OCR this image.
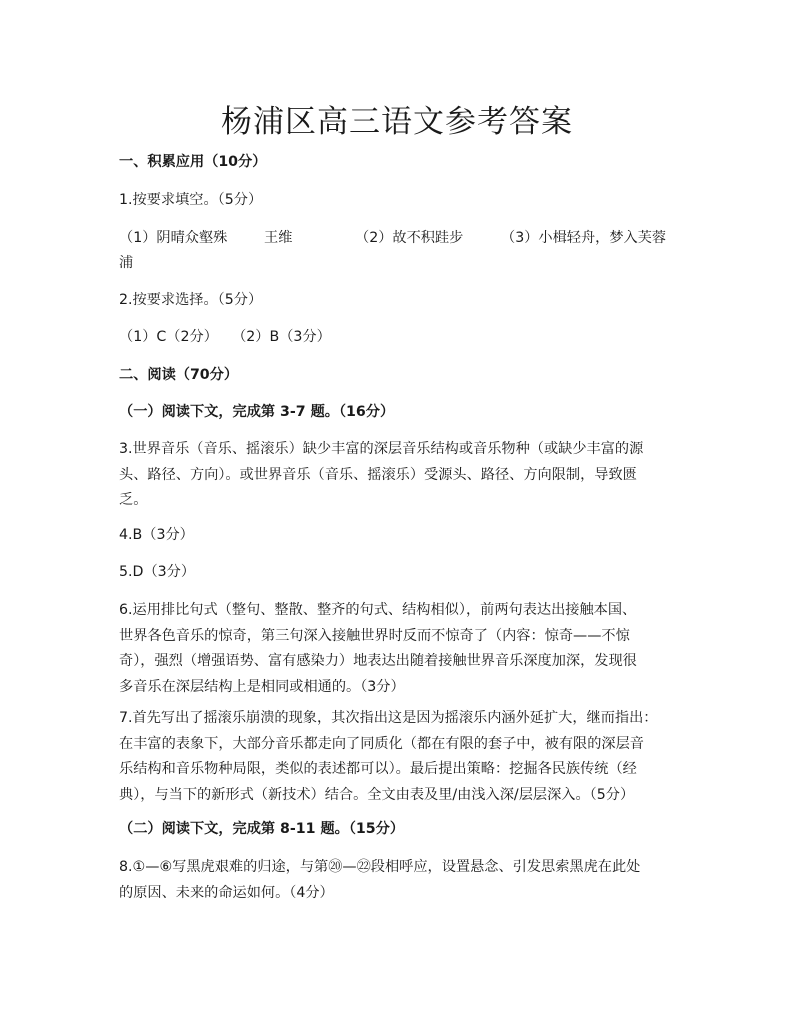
杨浦区高三语文参考答案
一、积累应用（10分）
1.按要求填空。（5分）
（1）阴晴众壑殊	王维	（2）故不积跬步	（3）小楫轻舟，梦入芙蓉
浦
2.按要求选择。（5分）
（1）C（2分）　　（2）B（3分）
二、阅读（70分）
（一）阅读下文，完成第 3-7 题。（16分）
3.世界音乐（音乐、摇滚乐）缺少丰富的深层音乐结构或音乐物种（或缺少丰富的源
头、路径、方向）。或世界音乐（音乐、摇滚乐）受源头、路径、方向限制，导致匮
乏。
4.B（3分）
5.D（3分）
6.运用排比句式（整句、整散、整齐的句式、结构相似），前两句表达出接触本国、
世界各色音乐的惊奇，第三句深入接触世界时反而不惊奇了（内容：惊奇——不惊
奇），强烈（增强语势、富有感染力）地表达出随着接触世界音乐深度加深，发现很
多音乐在深层结构上是相同或相通的。（3分）
7.首先写出了摇滚乐崩溃的现象，其次指出这是因为摇滚乐内涵外延扩大，继而指出：
在丰富的表象下，大部分音乐都走向了同质化（都在有限的套子中，被有限的深层音
乐结构和音乐物种局限，类似的表述都可以）。最后提出策略：挖掘各民族传统（经
典），与当下的新形式（新技术）结合。全文由表及里/由浅入深/层层深入。（5分）
（二）阅读下文，完成第 8-11 题。（15分）
8.①—⑥写黑虎艰难的归途，与第⑳—㉒段相呼应，设置悬念、引发思索黑虎在此处
的原因、未来的命运如何。（4分）
